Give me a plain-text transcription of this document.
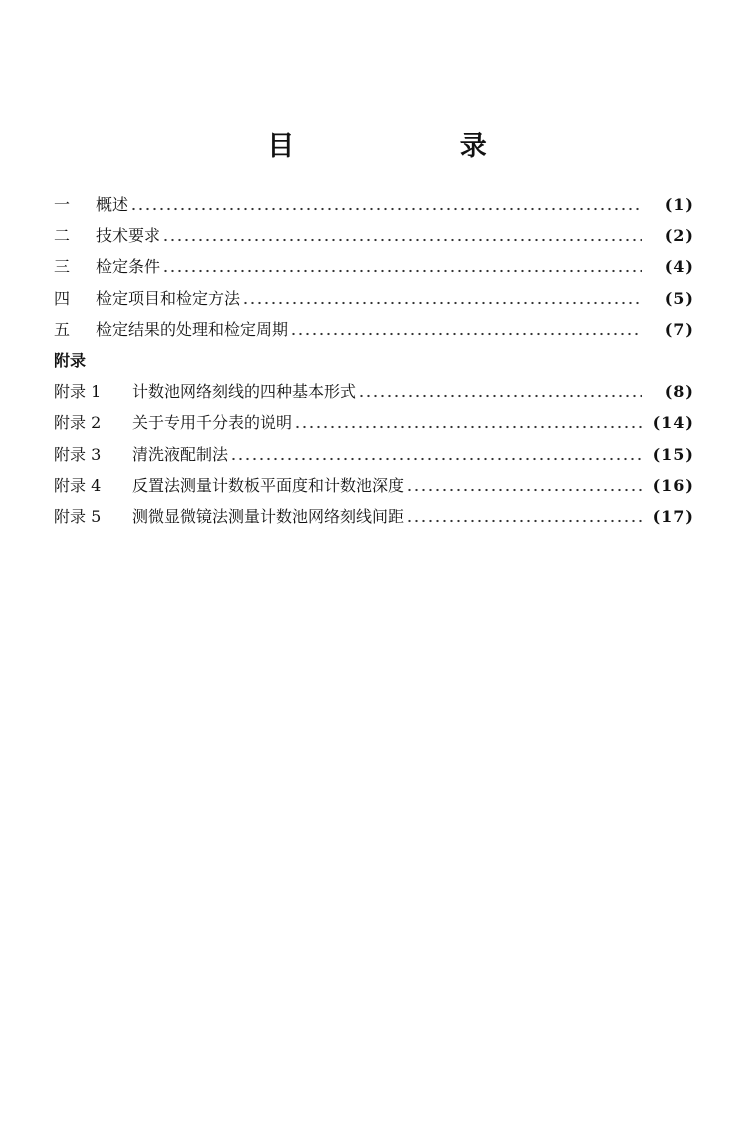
目 录
一	概述	(1)
二	技术要求	(2)
三	检定条件	(4)
四	检定项目和检定方法	(5)
五	检定结果的处理和检定周期	(7)
附录
附录 1	计数池网络刻线的四种基本形式	(8)
附录 2	关于专用千分表的说明	(14)
附录 3	清洗液配制法	(15)
附录 4	反置法测量计数板平面度和计数池深度	(16)
附录 5	测微显微镜法测量计数池网络刻线间距	(17)
